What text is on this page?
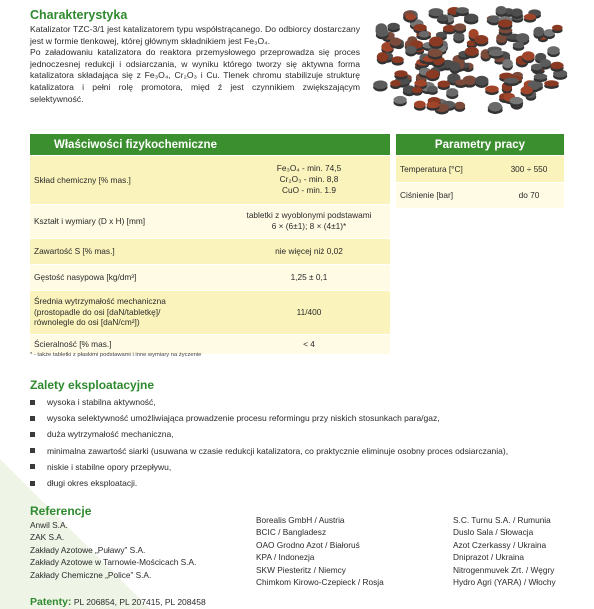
Charakterystyka

Katalizator TZC-3/1 jest katalizatorem typu współstrącanego. Do odbiorcy dostarczany jest w formie tlenkowej, której głównym składnikiem jest Fe₃O₄.

Po załadowaniu katalizatora do reaktora przemysłowego przeprowadza się proces jednoczesnej redukcji i odsiarczania, w wyniku którego tworzy się aktywna forma katalizatora składająca się z Fe₃O₄, Cr₂O₃ i Cu. Tlenek chromu stabilizuje strukturę katalizatora i pełni rolę promotora, międ ź jest czynnikiem zwiększającym selektywność.

Właściwości fizykochemiczne	Parametry pracy
Skład chemiczny [% mas.]	Fe₃O₄ - min. 74,5
Cr₂O₃ - min. 8,8
CuO - min. 1.9
Kształt i wymiary (D x H) [mm]	tabletki z wyoblonymi podstawami
6 × (6±1); 8 × (4±1)*
Zawartość S [% mas.]	nie więcej niż 0,02
Gęstość nasypowa [kg/dm³]	1,25 ± 0,1
Średnia wytrzymałość mechaniczna
(prostopadle do osi [daN/tabletkę]/
równolegle do osi [daN/cm²])	11/400
Ścieralność [% mas.]	< 4
Temperatura [°C]	300 ÷ 550
Ciśnienie [bar]	do 70
* - także tabletki z płaskimi podstawami i inne wymiary na życzenie
Zalety eksploatacyjne
wysoka i stabilna aktywność,
wysoka selektywność umożliwiająca prowadzenie procesu reformingu przy niskich stosunkach para/gaz,
duża wytrzymałość mechaniczna,
minimalna zawartość siarki (usuwana w czasie redukcji katalizatora, co praktycznie eliminuje osobny proces odsiarczania),
niskie i stabilne opory przepływu,
długi okres eksploatacji.
Referencje
Anwil S.A.
ZAK S.A.
Zakłady Azotowe „Puławy” S.A.
Zakłady Azotowe w Tarnowie-Mościcach S.A.
Zakłady Chemiczne „Police” S.A.
Borealis GmbH / Austria
BCIC / Bangladesz
OAO Grodno Azot / Białoruś
KPA / Indonezja
SKW Piesteritz / Niemcy
Chimkom Kirowo-Czepieck / Rosja
S.C. Turnu S.A. / Rumunia
Duslo Sala / Słowacja
Azot Czerkassy / Ukraina
Dniprazot / Ukraina
Nitrogenmuvek Zrt. / Węgry
Hydro Agri (YARA) / Włochy
Patenty: PL 206854, PL 207415, PL 208458
